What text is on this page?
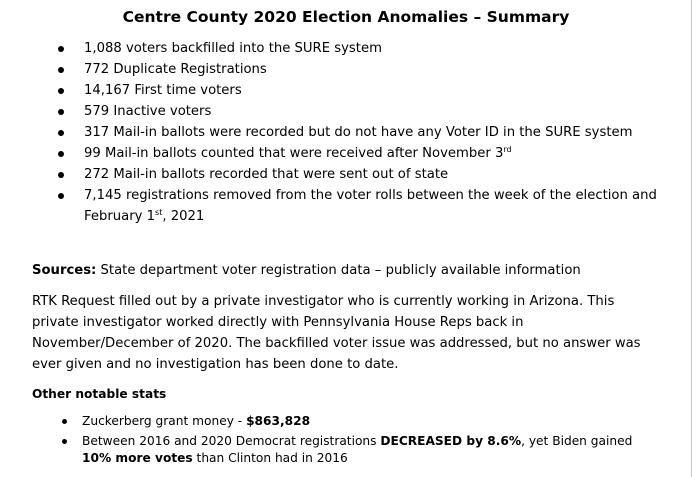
Centre County 2020 Election Anomalies – Summary
1,088 voters backfilled into the SURE system
772 Duplicate Registrations
14,167 First time voters
579 Inactive voters
317 Mail-in ballots were recorded but do not have any Voter ID in the SURE system
99 Mail-in ballots counted that were received after November 3rd
272 Mail-in ballots recorded that were sent out of state
7,145 registrations removed from the voter rolls between the week of the election and February 1st, 2021
Sources: State department voter registration data – publicly available information

RTK Request filled out by a private investigator who is currently working in Arizona. This private investigator worked directly with Pennsylvania House Reps back in November/December of 2020. The backfilled voter issue was addressed, but no answer was ever given and no investigation has been done to date.

Other notable stats
Zuckerberg grant money - $863,828
Between 2016 and 2020 Democrat registrations DECREASED by 8.6%, yet Biden gained 10% more votes than Clinton had in 2016
